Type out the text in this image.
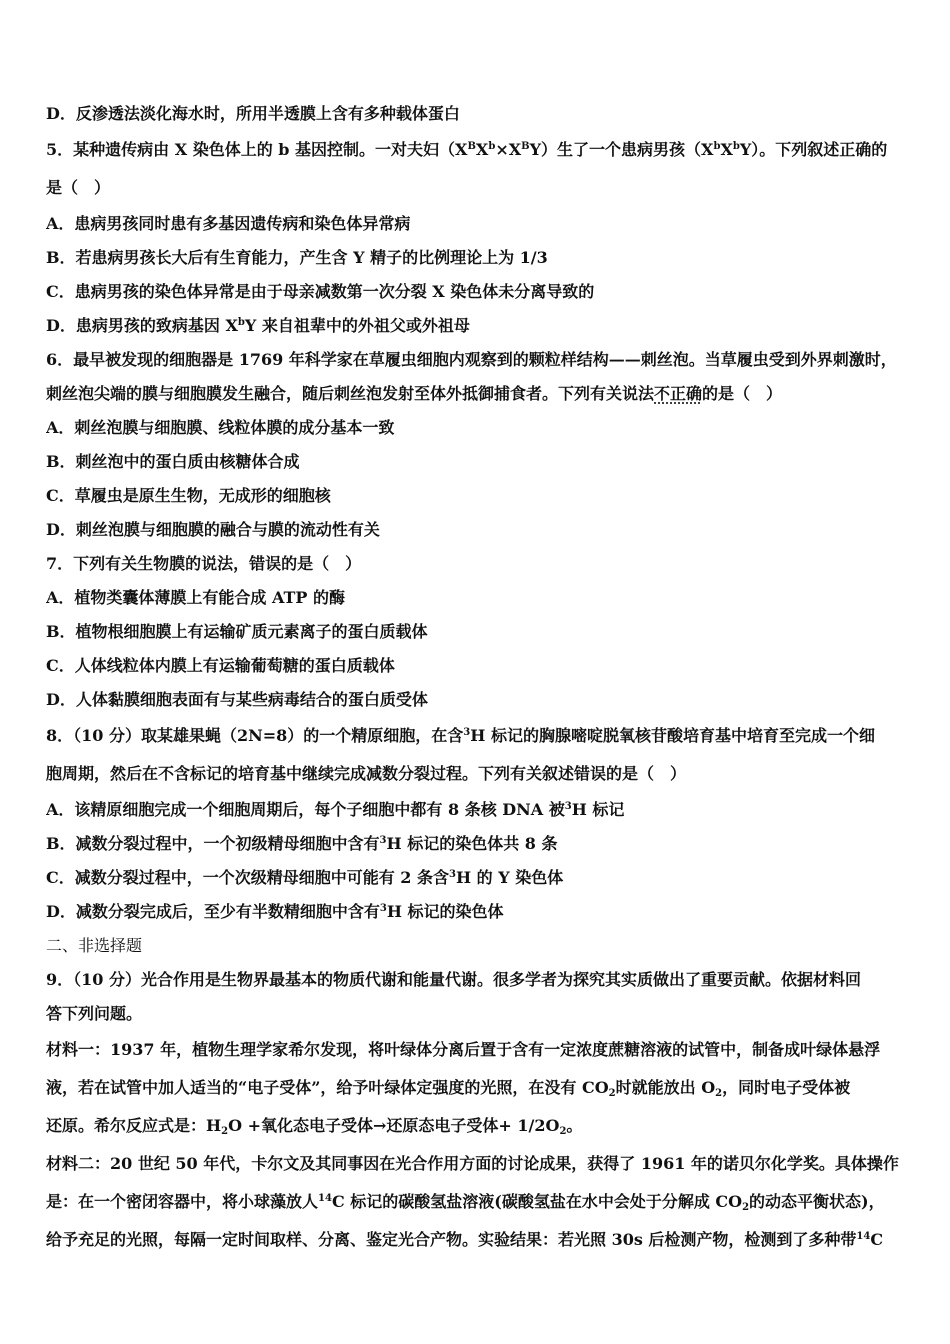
D．反渗透法淡化海水时，所用半透膜上含有多种载体蛋白
5．某种遗传病由 X 染色体上的 b 基因控制。一对夫妇$(X^BX^b\times X^BY)$生了一个患病男孩$(X^bX^bY)$。下列叙述正确的
是（　）
A．患病男孩同时患有多基因遗传病和染色体异常病
B．若患病男孩长大后有生育能力，产生含 Y 精子的比例理论上为 1/3
C．患病男孩的染色体异常是由于母亲减数第一次分裂 X 染色体未分离导致的
D．患病男孩的致病基因 $X^bY$ 来自祖辈中的外祖父或外祖母
6．最早被发现的细胞器是 1769 年科学家在草履虫细胞内观察到的颗粒样结构——刺丝泡。当草履虫受到外界刺激时，
刺丝泡尖端的膜与细胞膜发生融合，随后刺丝泡发射至体外抵御捕食者。下列有关说法不正确的是（　）
A．刺丝泡膜与细胞膜、线粒体膜的成分基本一致
B．刺丝泡中的蛋白质由核糖体合成
C．草履虫是原生生物，无成形的细胞核
D．刺丝泡膜与细胞膜的融合与膜的流动性有关
7．下列有关生物膜的说法，错误的是（　）
A．植物类囊体薄膜上有能合成 ATP 的酶
B．植物根细胞膜上有运输矿质元素离子的蛋白质载体
C．人体线粒体内膜上有运输葡萄糖的蛋白质载体
D．人体黏膜细胞表面有与某些病毒结合的蛋白质受体
8．（10 分）取某雄果蝇（2N=8）的一个精原细胞，在含$^3$H 标记的胸腺嘧啶脱氧核苷酸培育基中培育至完成一个细
胞周期，然后在不含标记的培育基中继续完成减数分裂过程。下列有关叙述错误的是（　）
A．该精原细胞完成一个细胞周期后，每个子细胞中都有 8 条核 DNA 被$^3$H 标记
B．减数分裂过程中，一个初级精母细胞中含有$^3$H 标记的染色体共 8 条
C．减数分裂过程中，一个次级精母细胞中可能有 2 条含$^3$H 的 Y 染色体
D．减数分裂完成后，至少有半数精细胞中含有$^3$H 标记的染色体
二、非选择题
9．（10 分）光合作用是生物界最基本的物质代谢和能量代谢。很多学者为探究其实质做出了重要贡献。依据材料回
答下列问题。
材料一：1937 年，植物生理学家希尔发现，将叶绿体分离后置于含有一定浓度蔗糖溶液的试管中，制备成叶绿体悬浮
液，若在试管中加人适当的“电子受体”，给予叶绿体定强度的光照，在没有 $CO_2$时就能放出 $O_2$，同时电子受体被
还原。希尔反应式是：$H_2O$ +氧化态电子受体→还原态电子受体+ $1/2O_2$。
材料二：20 世纪 50 年代，卡尔文及其同事因在光合作用方面的讨论成果，获得了 1961 年的诺贝尔化学奖。具体操作
是：在一个密闭容器中，将小球藻放人$^{14}$C 标记的碳酸氢盐溶液(碳酸氢盐在水中会处于分解成 $CO_2$的动态平衡状态)，
给予充足的光照，每隔一定时间取样、分离、鉴定光合产物。实验结果：若光照 30s 后检测产物，检测到了多种带$^{14}$C
